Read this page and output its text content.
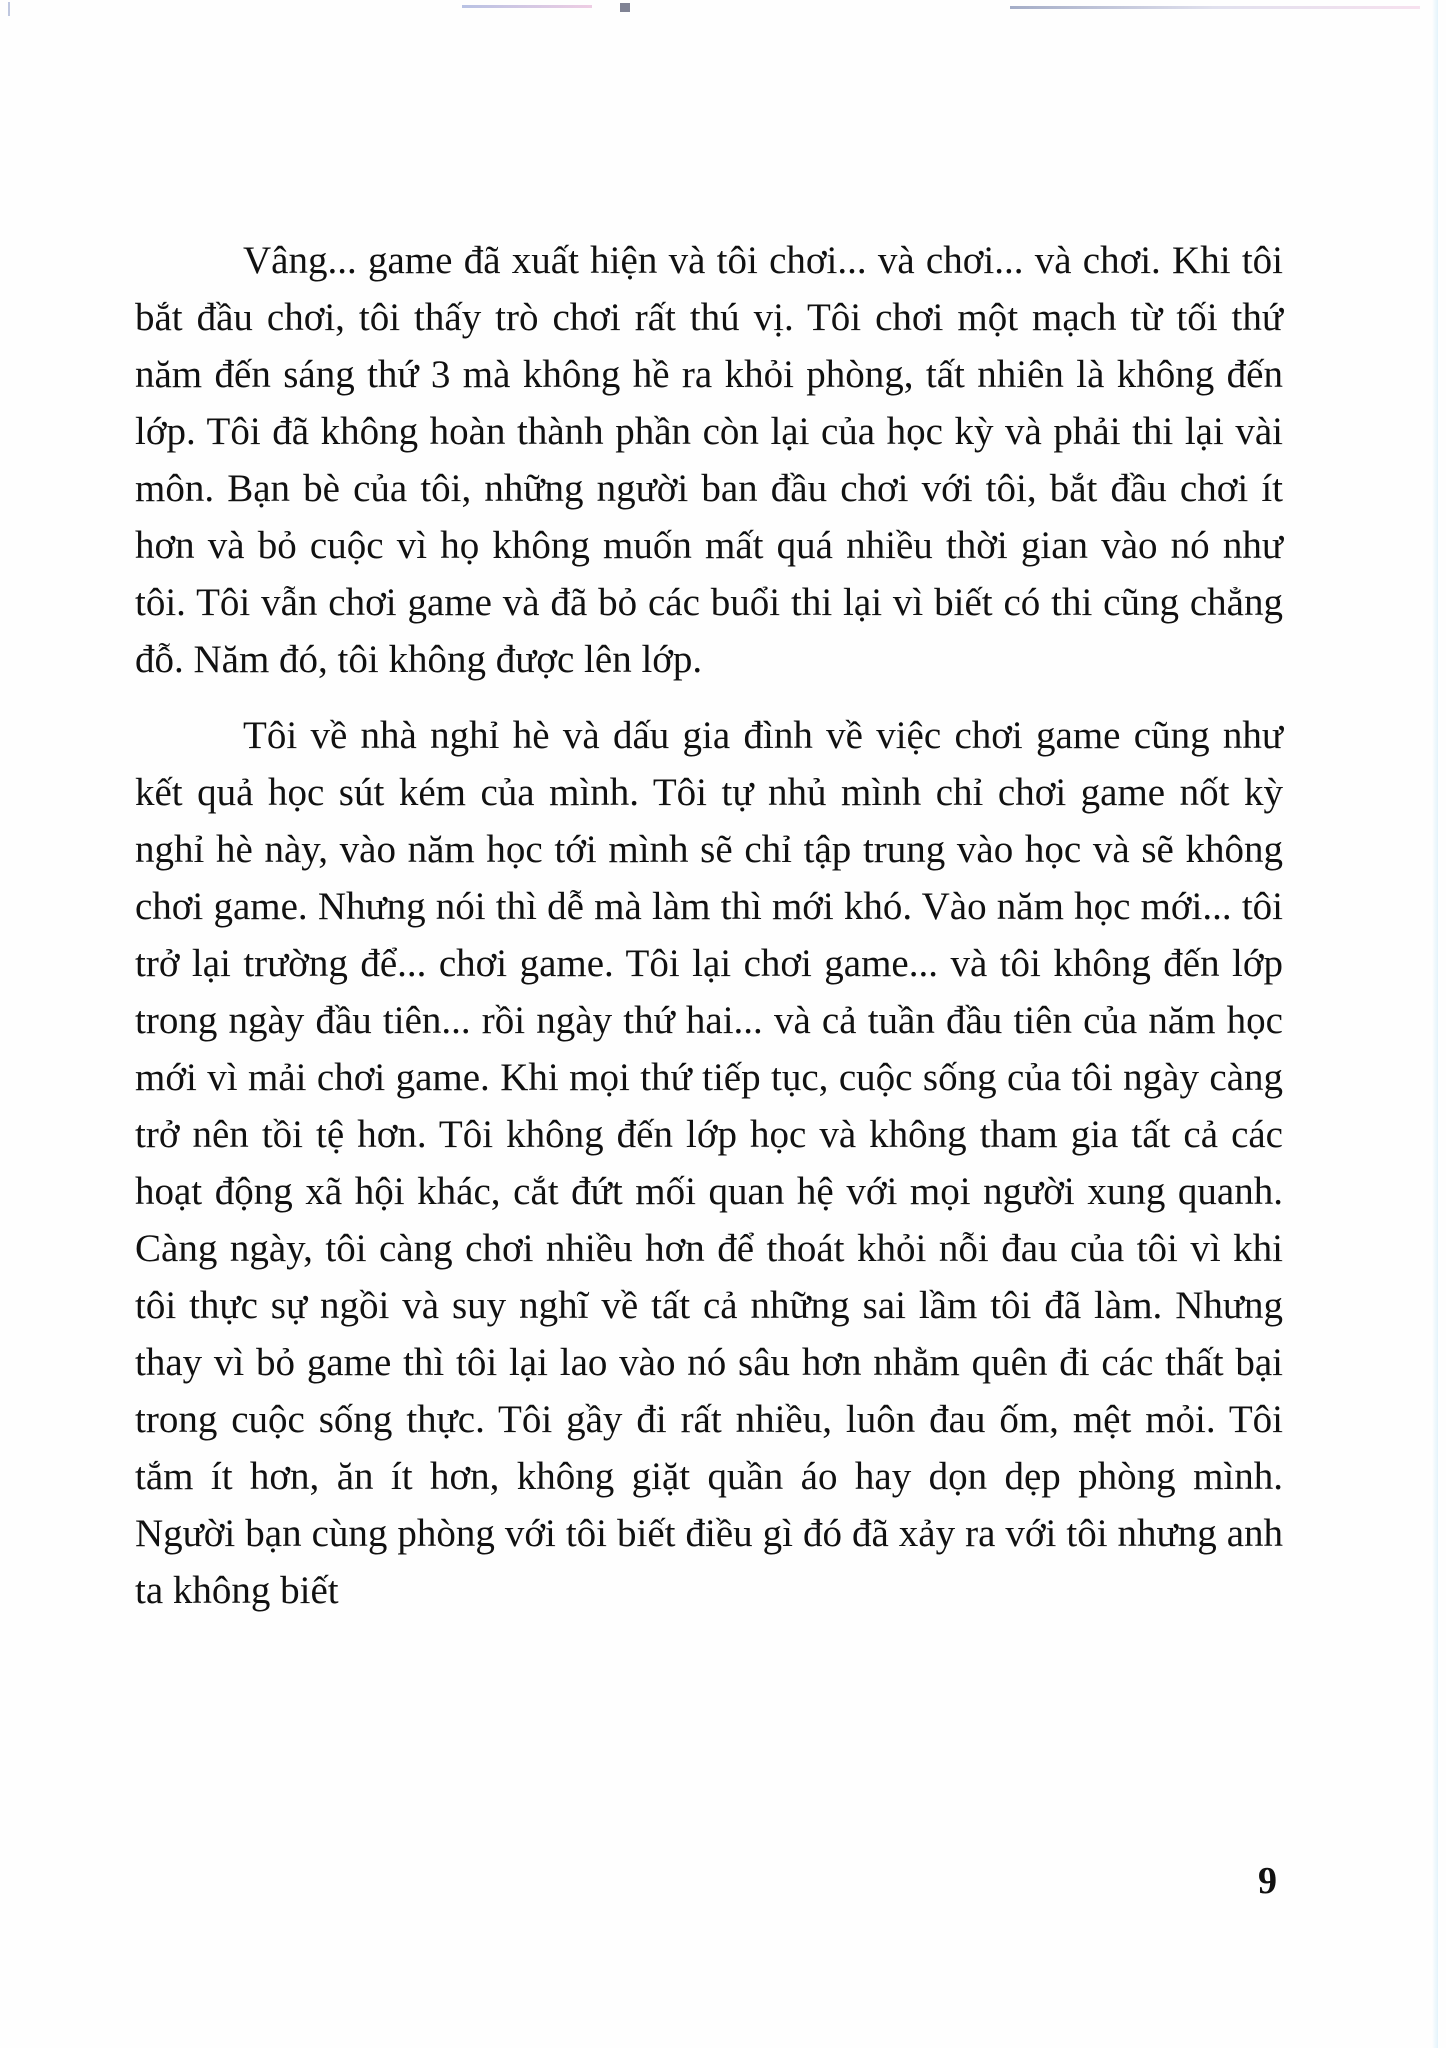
Vâng... game đã xuất hiện và tôi chơi... và chơi... và chơi. Khi tôi bắt đầu chơi, tôi thấy trò chơi rất thú vị. Tôi chơi một mạch từ tối thứ năm đến sáng thứ 3 mà không hề ra khỏi phòng, tất nhiên là không đến lớp. Tôi đã không hoàn thành phần còn lại của học kỳ và phải thi lại vài môn. Bạn bè của tôi, những người ban đầu chơi với tôi, bắt đầu chơi ít hơn và bỏ cuộc vì họ không muốn mất quá nhiều thời gian vào nó như tôi. Tôi vẫn chơi game và đã bỏ các buổi thi lại vì biết có thi cũng chẳng đỗ. Năm đó, tôi không được lên lớp.

Tôi về nhà nghỉ hè và dấu gia đình về việc chơi game cũng như kết quả học sút kém của mình. Tôi tự nhủ mình chỉ chơi game nốt kỳ nghỉ hè này, vào năm học tới mình sẽ chỉ tập trung vào học và sẽ không chơi game. Nhưng nói thì dễ mà làm thì mới khó. Vào năm học mới... tôi trở lại trường để... chơi game. Tôi lại chơi game... và tôi không đến lớp trong ngày đầu tiên... rồi ngày thứ hai... và cả tuần đầu tiên của năm học mới vì mải chơi game. Khi mọi thứ tiếp tục, cuộc sống của tôi ngày càng trở nên tồi tệ hơn. Tôi không đến lớp học và không tham gia tất cả các hoạt động xã hội khác, cắt đứt mối quan hệ với mọi người xung quanh. Càng ngày, tôi càng chơi nhiều hơn để thoát khỏi nỗi đau của tôi vì khi tôi thực sự ngồi và suy nghĩ về tất cả những sai lầm tôi đã làm. Nhưng thay vì bỏ game thì tôi lại lao vào nó sâu hơn nhằm quên đi các thất bại trong cuộc sống thực. Tôi gầy đi rất nhiều, luôn đau ốm, mệt mỏi. Tôi tắm ít hơn, ăn ít hơn, không giặt quần áo hay dọn dẹp phòng mình. Người bạn cùng phòng với tôi biết điều gì đó đã xảy ra với tôi nhưng anh ta không biết

9
